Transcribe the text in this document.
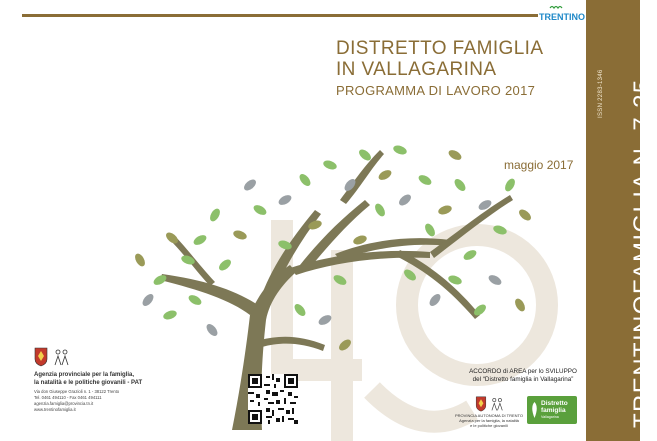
TRENTINO
ISSN 2283-1346 TRENTINOFAMIGLIA N. 7.25
DISTRETTO FAMIGLIA
IN VALLAGARINA
PROGRAMMA DI LAVORO 2017
maggio 2017
Agenzia provinciale per la famiglia,
la natalità e le politiche giovanili - PAT
Via don Giuseppe Grazioli n. 1 - 38122 Trento
Tel. 0461 494110 - Fax 0461 494111
agenzia.famiglia@provincia.tn.it
www.trentinofamiglia.it
ACCORDO di AREA per lo SVILUPPO
del “Distretto famiglia in Vallagarina”
PROVINCIA AUTONOMA DI TRENTO
Agenzia per la famiglia, la natalità
e le politiche giovanili
Distretto
famiglia
Vallagarina
